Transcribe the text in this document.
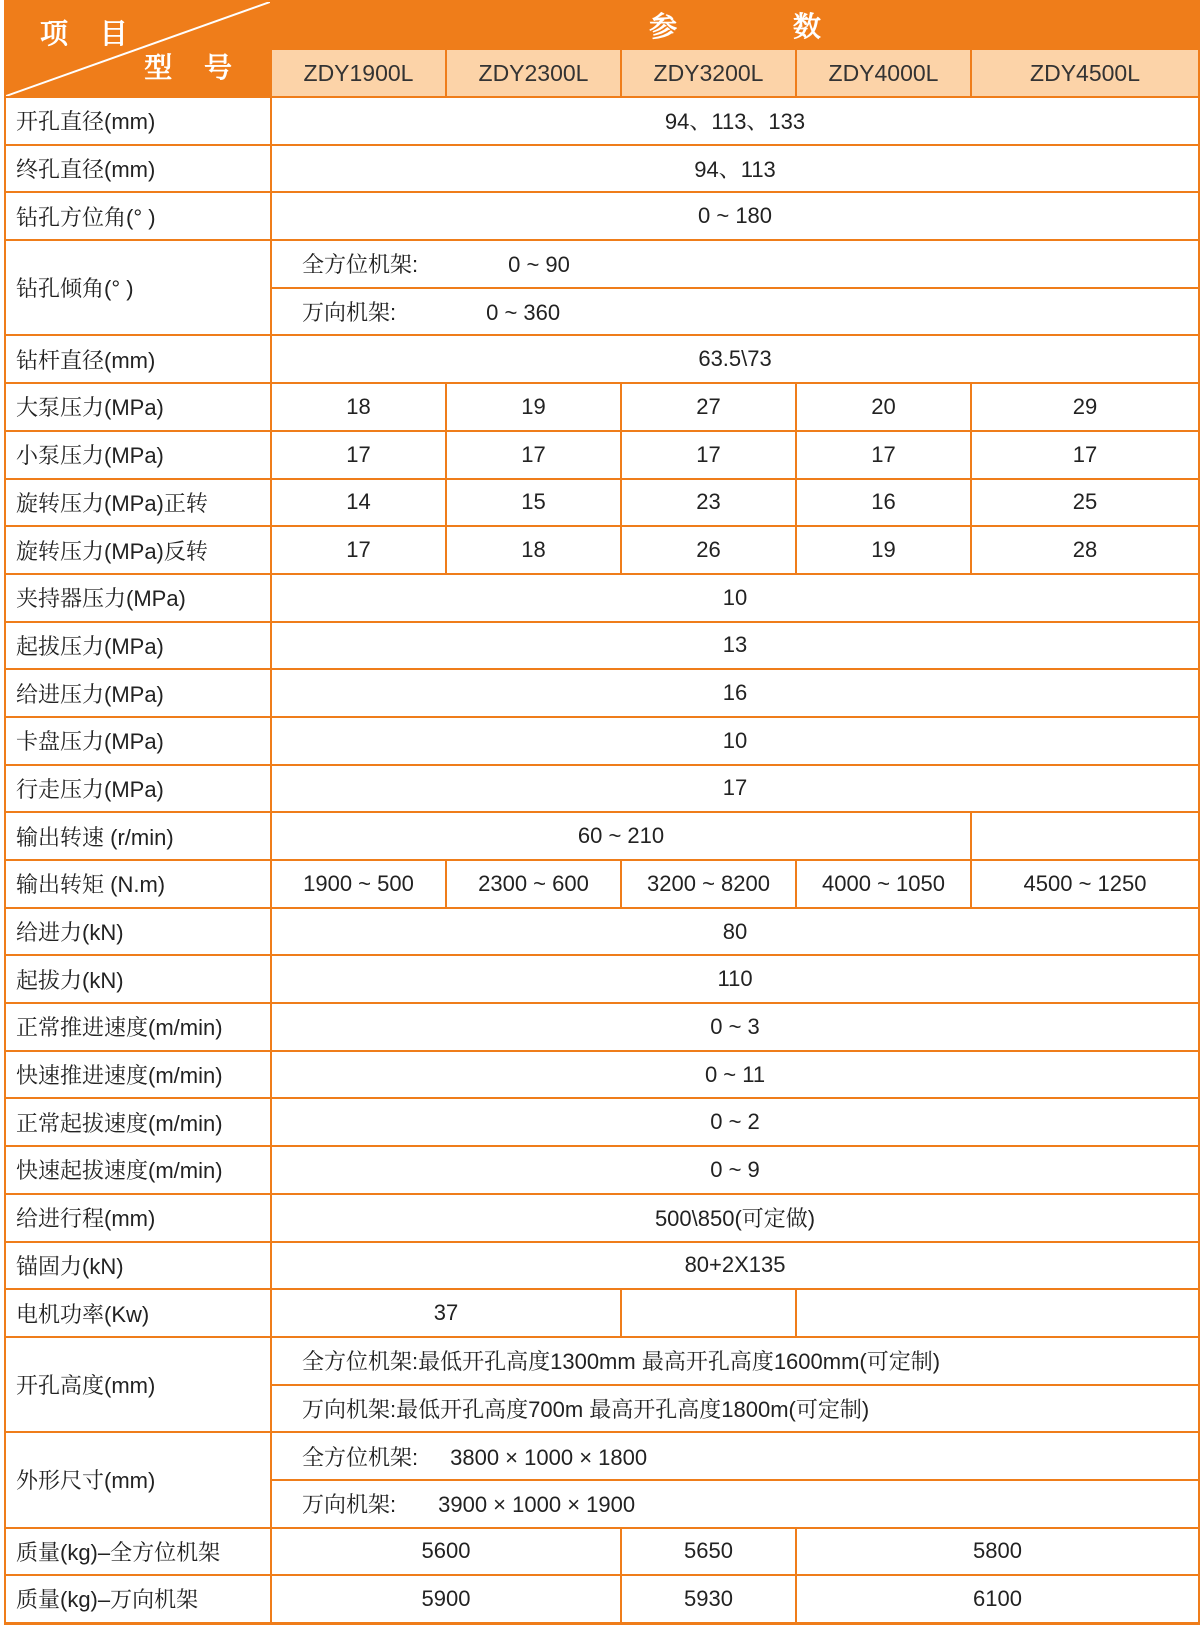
项 目
型 号	参 数				
	ZDY1900L	ZDY2300L	ZDY3200L	ZDY4000L	ZDY4500L
开孔直径(mm)	94、113、133				
终孔直径(mm)	94、113				
钻孔方位角(° )	0 ~ 180				
钻孔倾角(° )	全方位机架: 0 ~ 90				
	万向机架: 0 ~ 360				
钻杆直径(mm)	63.5\73				
大泵压力(MPa)	18	19	27	20	29
小泵压力(MPa)	17	17	17	17	17
旋转压力(MPa)正转	14	15	23	16	25
旋转压力(MPa)反转	17	18	26	19	28
夹持器压力(MPa)	10				
起拔压力(MPa)	13				
给进压力(MPa)	16				
卡盘压力(MPa)	10				
行走压力(MPa)	17				
输出转速 (r/min)	60 ~ 210				
输出转矩 (N.m)	1900 ~ 500	2300 ~ 600	3200 ~ 8200	4000 ~ 1050	4500 ~ 1250
给进力(kN)	80				
起拔力(kN)	110				
正常推进速度(m/min)	0 ~ 3				
快速推进速度(m/min)	0 ~ 11				
正常起拔速度(m/min)	0 ~ 2				
快速起拔速度(m/min)	0 ~ 9				
给进行程(mm)	500\850(可定做)				
锚固力(kN)	80+2X135				
电机功率(Kw)	37				
开孔高度(mm)	全方位机架:最低开孔高度1300mm 最高开孔高度1600mm(可定制)				
	万向机架:最低开孔高度700m 最高开孔高度1800m(可定制)				
外形尺寸(mm)	全方位机架: 3800 × 1000 × 1800				
	万向机架: 3900 × 1000 × 1900				
质量(kg)–全方位机架	5600		5650	5800	
质量(kg)–万向机架	5900		5930	6100	
